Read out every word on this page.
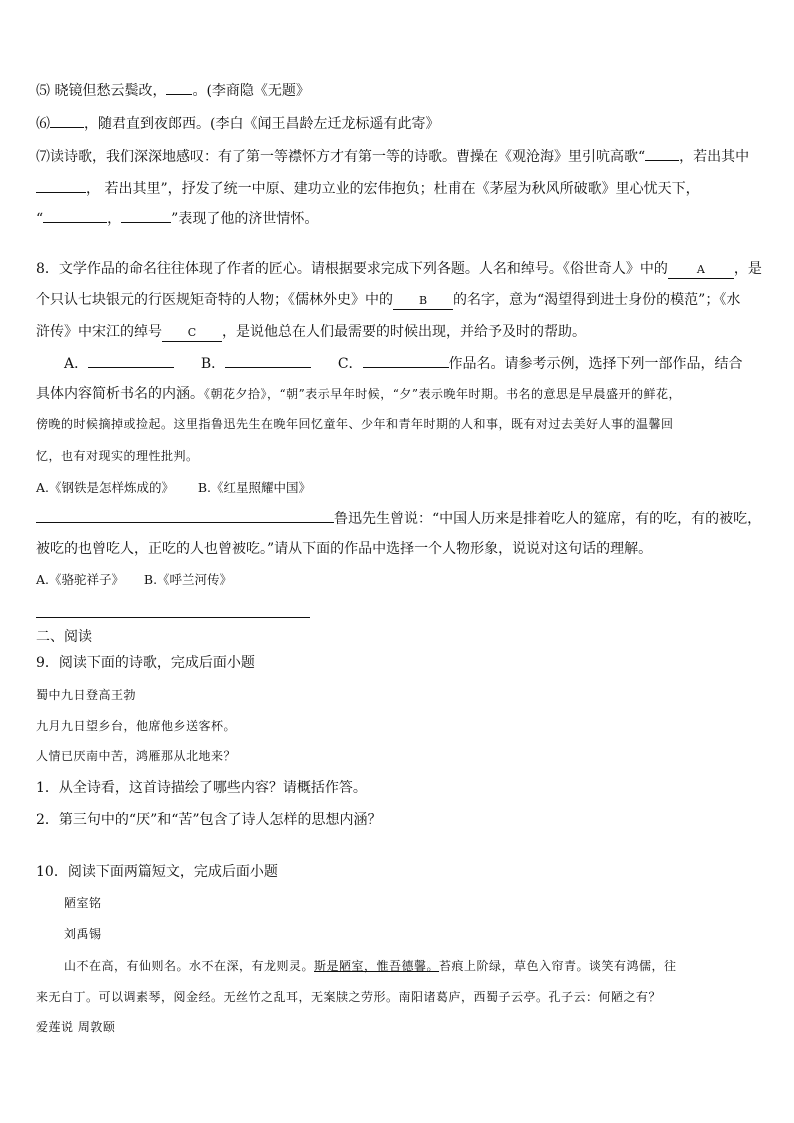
⑸ 晓镜但愁云鬓改， 。(李商隐《无题》
⑹ ，随君直到夜郎西。(李白《闻王昌龄左迁龙标遥有此寄》
⑺读诗歌，我们深深地感叹：有了第一等襟怀方才有第一等的诗歌。曹操在《观沧海》里引吭高歌“ ，若出其中
， 若出其里”，抒发了统一中原、建功立业的宏伟抱负；杜甫在《茅屋为秋风所破歌》里心忧天下，
“	，	”表现了他的济世情怀。
8．文学作品的命名往往体现了作者的匠心。请根据要求完成下列各题。人名和绰号。《俗世奇人》中的	A ，是
个只认七块银元的行医规矩奇特的人物；《儒林外史》中的 B 的名字，意为“渴望得到进士身份的模范”；《水
浒传》中宋江的绰号 C ，是说他总在人们最需要的时候出现，并给予及时的帮助。
A．	B．	C．	作品名。请参考示例，选择下列一部作品，结合
具体内容简析书名的内涵。《朝花夕拾》，“朝”表示早年时候，“夕”表示晚年时期。书名的意思是早晨盛开的鲜花，
傍晚的时候摘掉或捡起。这里指鲁迅先生在晚年回忆童年、少年和青年时期的人和事，既有对过去美好人事的温馨回
忆，也有对现实的理性批判。
A.《钢铁是怎样炼成的》 B.《红星照耀中国》
鲁迅先生曾说：“中国人历来是排着吃人的筵席，有的吃，有的被吃，
被吃的也曾吃人，正吃的人也曾被吃。”请从下面的作品中选择一个人物形象，说说对这句话的理解。
A.《骆驼祥子》 B.《呼兰河传》
二、阅读
9．阅读下面的诗歌，完成后面小题
蜀中九日登高王勃
九月九日望乡台，他席他乡送客杯。
人情已厌南中苦，鸿雁那从北地来？
1．从全诗看，这首诗描绘了哪些内容？请概括作答。
2．第三句中的“厌”和“苦”包含了诗人怎样的思想内涵？
10．阅读下面两篇短文，完成后面小题
陋室铭
刘禹锡
山不在高，有仙则名。水不在深，有龙则灵。斯是陋室，惟吾德馨。苔痕上阶绿，草色入帘青。谈笑有鸿儒，往
来无白丁。可以调素琴，阅金经。无丝竹之乱耳，无案牍之劳形。南阳诸葛庐，西蜀子云亭。孔子云：何陋之有？
爱莲说 周敦颐
